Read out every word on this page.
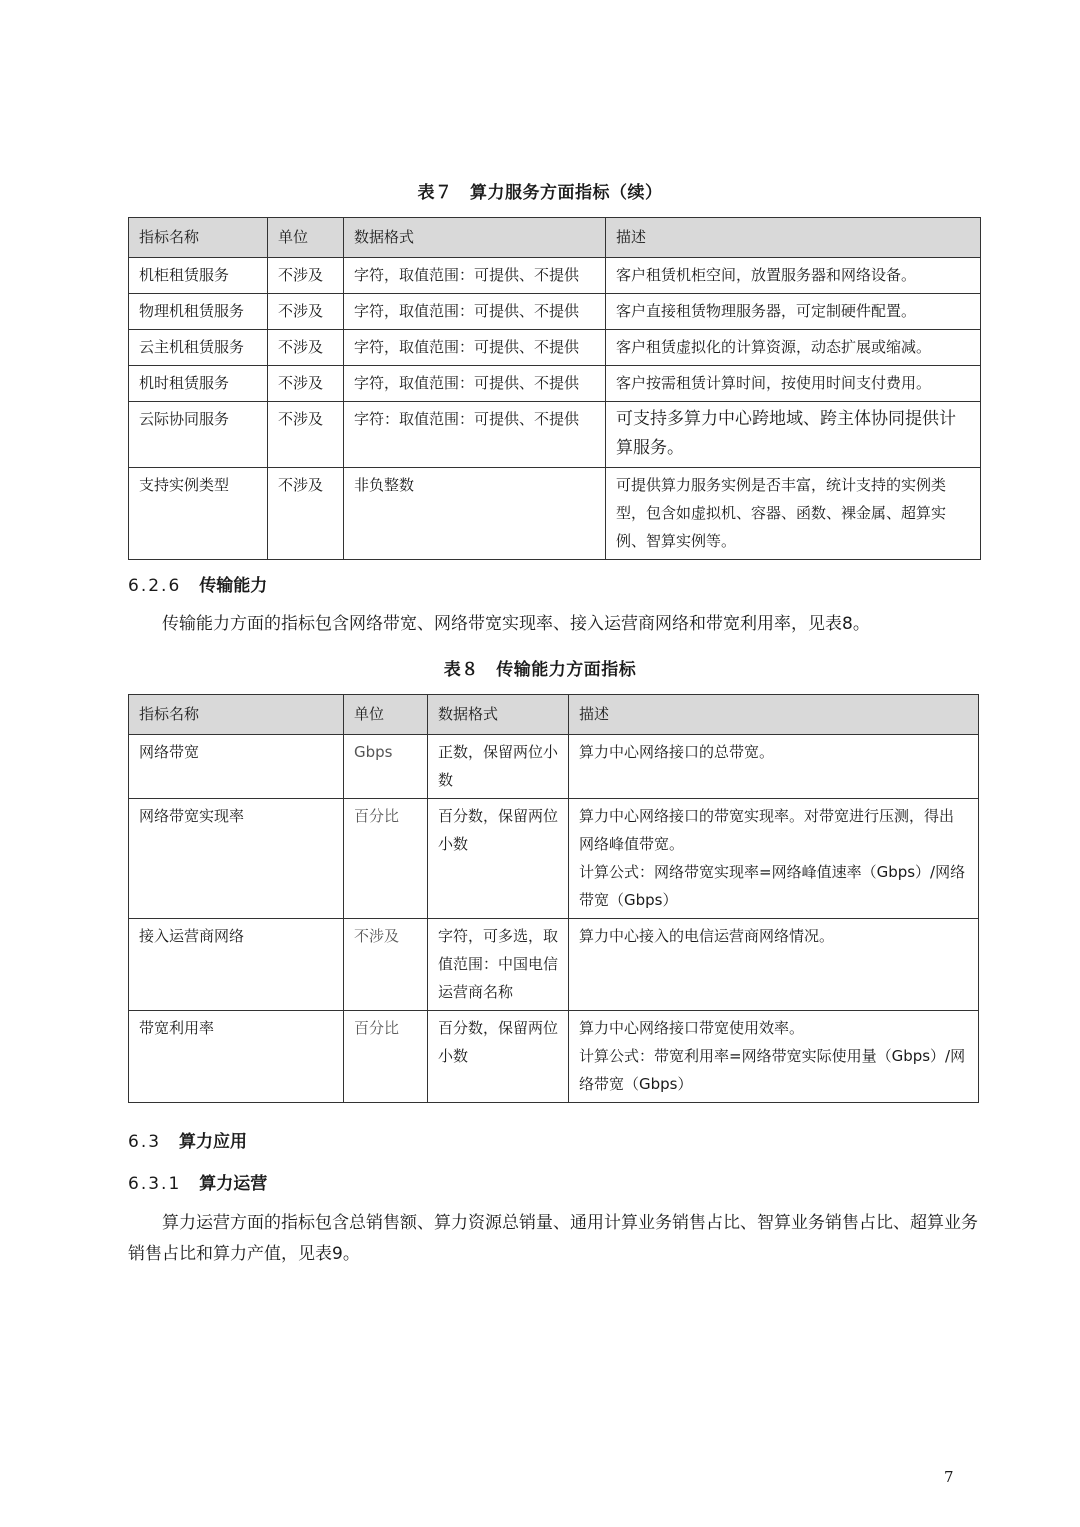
表７　算力服务方面指标（续）
指标名称	单位	数据格式	描述
机柜租赁服务	不涉及	字符，取值范围：可提供、不提供	客户租赁机柜空间，放置服务器和网络设备。
物理机租赁服务	不涉及	字符，取值范围：可提供、不提供	客户直接租赁物理服务器，可定制硬件配置。
云主机租赁服务	不涉及	字符，取值范围：可提供、不提供	客户租赁虚拟化的计算资源，动态扩展或缩减。
机时租赁服务	不涉及	字符，取值范围：可提供、不提供	客户按需租赁计算时间，按使用时间支付费用。
云际协同服务	不涉及	字符：取值范围：可提供、不提供	可支持多算力中心跨地域、跨主体协同提供计算服务。
支持实例类型	不涉及	非负整数	可提供算力服务实例是否丰富，统计支持的实例类型，包含如虚拟机、容器、函数、裸金属、超算实例、智算实例等。
6.2.6 传输能力
传输能力方面的指标包含网络带宽、网络带宽实现率、接入运营商网络和带宽利用率，见表8。
表８　传输能力方面指标
指标名称	单位	数据格式	描述
网络带宽	Gbps	正数，保留两位小数	算力中心网络接口的总带宽。

网络带宽实现率	百分比	百分数，保留两位小数	算力中心网络接口的带宽实现率。对带宽进行压测，得出网络峰值带宽。
计算公式：网络带宽实现率=网络峰值速率（Gbps）/网络带宽（Gbps）

接入运营商网络	不涉及	字符，可多选，取值范围：中国电信运营商名称	算力中心接入的电信运营商网络情况。

带宽利用率	百分比	百分数，保留两位小数	算力中心网络接口带宽使用效率。
计算公式：带宽利用率=网络带宽实际使用量（Gbps）/网络带宽（Gbps）
6.3 算力应用
6.3.1 算力运营
算力运营方面的指标包含总销售额、算力资源总销量、通用计算业务销售占比、智算业务销售占比、超算业务销售占比和算力产值，见表9。
7
